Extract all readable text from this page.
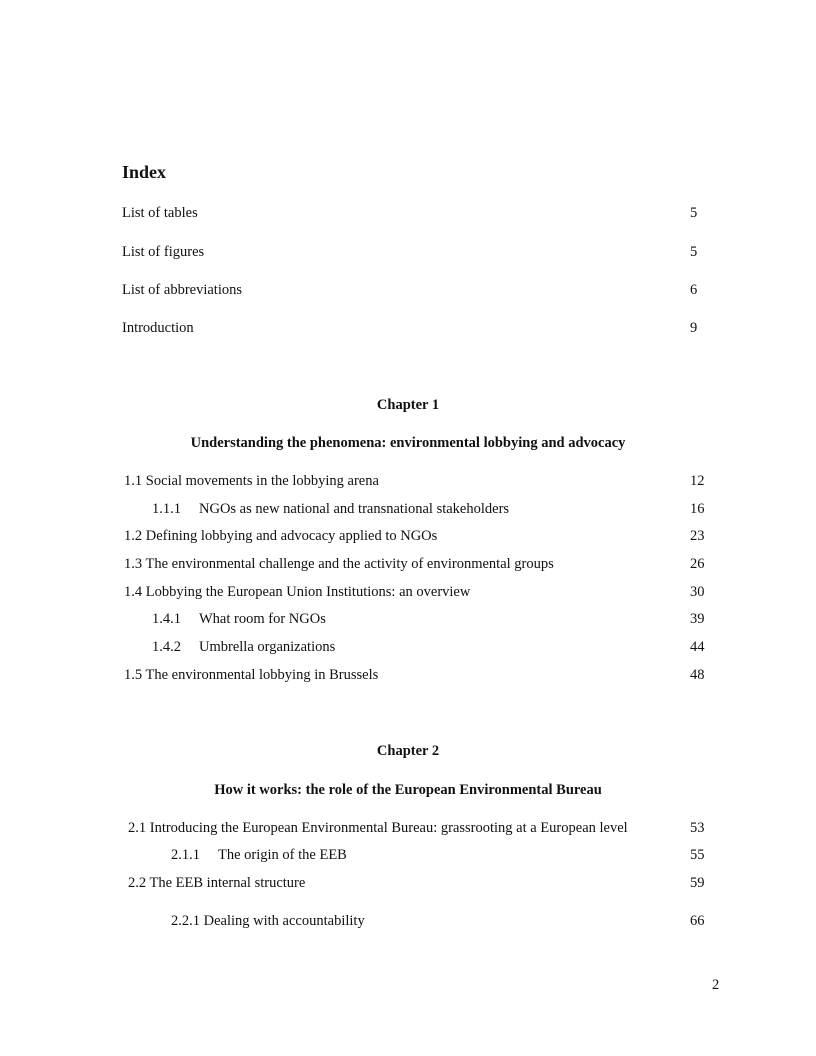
Index
List of tables	5
List of figures	5
List of abbreviations	6
Introduction	9
Chapter 1
Understanding the phenomena: environmental lobbying and advocacy
1.1 Social movements in the lobbying arena	12
1.1.1 NGOs as new national and transnational stakeholders	16
1.2 Defining lobbying and advocacy applied to NGOs	23
1.3 The environmental challenge and the activity of environmental groups	26
1.4 Lobbying the European Union Institutions: an overview	30
1.4.1 What room for NGOs	39
1.4.2 Umbrella organizations	44
1.5 The environmental lobbying in Brussels	48
Chapter 2
How it works: the role of the European Environmental Bureau
2.1 Introducing the European Environmental Bureau: grassrooting at a European level	53
2.1.1 The origin of the EEB	55
2.2 The EEB internal structure	59
2.2.1 Dealing with accountability	66
2
